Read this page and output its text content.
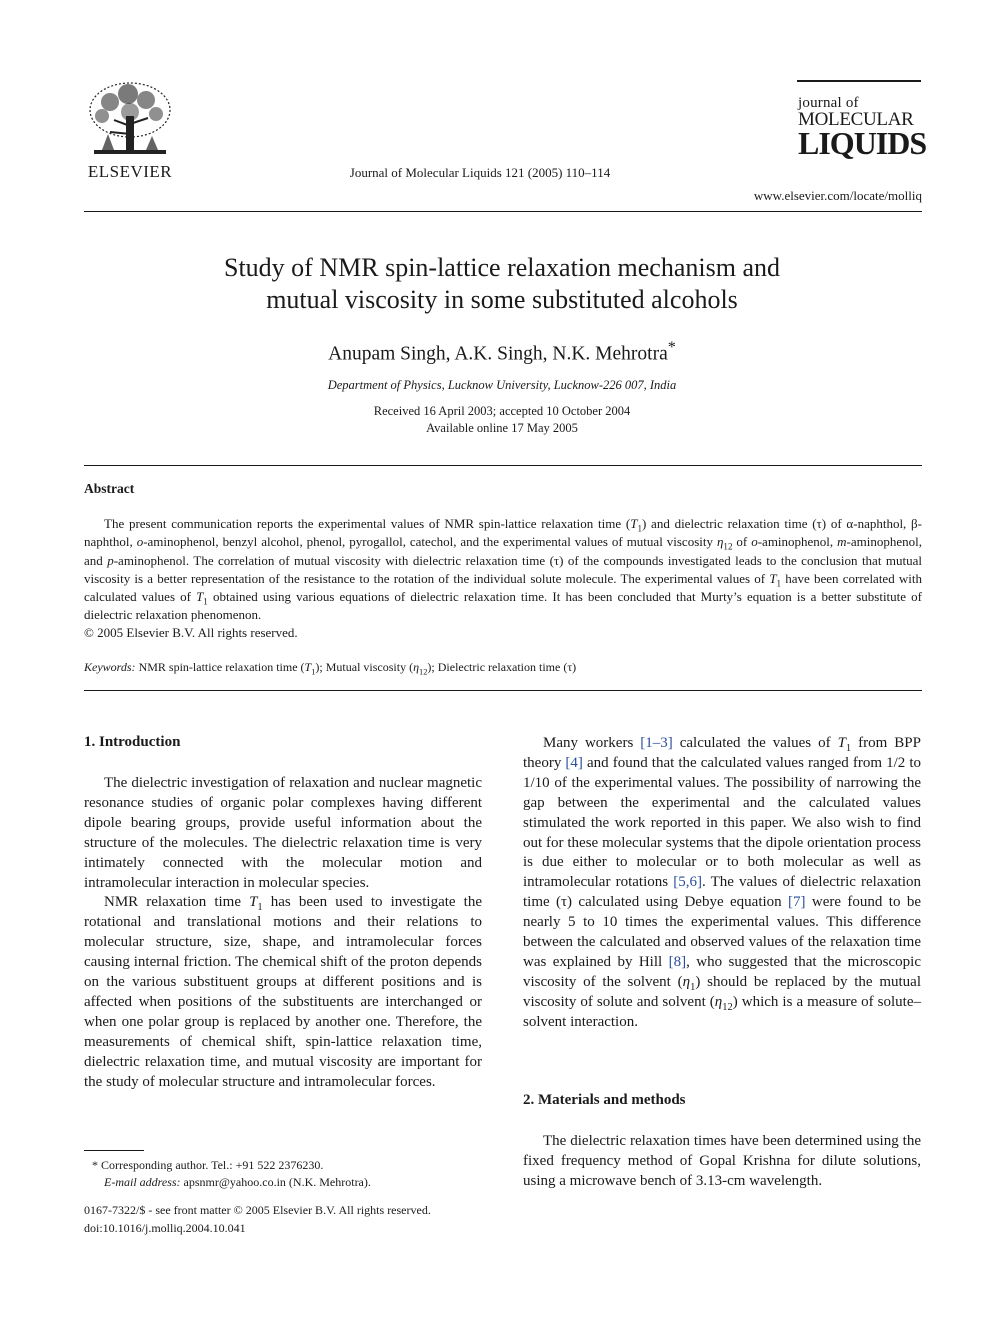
ELSEVIER	Journal of Molecular Liquids 121 (2005) 110–114
journal of
MOLECULAR
LIQUIDS
www.elsevier.com/locate/molliq
Study of NMR spin-lattice relaxation mechanism and
mutual viscosity in some substituted alcohols
Anupam Singh, A.K. Singh, N.K. Mehrotra*
Department of Physics, Lucknow University, Lucknow-226 007, India
Received 16 April 2003; accepted 10 October 2004
Available online 17 May 2005
Abstract

The present communication reports the experimental values of NMR spin-lattice relaxation time $(T_1)$ and dielectric relaxation time (τ) of α-naphthol, β-naphthol, o-aminophenol, benzyl alcohol, phenol, pyrogallol, catechol, and the experimental values of mutual viscosity $\eta_{12}$ of o-aminophenol, m-aminophenol, and p-aminophenol. The correlation of mutual viscosity with dielectric relaxation time (τ) of the compounds investigated leads to the conclusion that mutual viscosity is a better representation of the resistance to the rotation of the individual solute molecule. The experimental values of $T_1$ have been correlated with calculated values of $T_1$ obtained using various equations of dielectric relaxation time. It has been concluded that Murty’s equation is a better substitute of dielectric relaxation phenomenon.

© 2005 Elsevier B.V. All rights reserved.
Keywords: NMR spin-lattice relaxation time $(T_1)$; Mutual viscosity $(\eta_{12})$; Dielectric relaxation time (τ)
1. Introduction

The dielectric investigation of relaxation and nuclear magnetic resonance studies of organic polar complexes having different dipole bearing groups, provide useful information about the structure of the molecules. The dielectric relaxation time is very intimately connected with the molecular motion and intramolecular interaction in molecular species.

NMR relaxation time $T_1$ has been used to investigate the rotational and translational motions and their relations to molecular structure, size, shape, and intramolecular forces causing internal friction. The chemical shift of the proton depends on the various substituent groups at different positions and is affected when positions of the substituents are interchanged or when one polar group is replaced by another one. Therefore, the measurements of chemical shift, spin-lattice relaxation time, dielectric relaxation time, and mutual viscosity are important for the study of molecular structure and intramolecular forces.

Many workers [1–3] calculated the values of $T_1$ from BPP theory [4] and found that the calculated values ranged from 1/2 to 1/10 of the experimental values. The possibility of narrowing the gap between the experimental and the calculated values stimulated the work reported in this paper. We also wish to find out for these molecular systems that the dipole orientation process is due either to molecular or to both molecular as well as intramolecular rotations [5,6]. The values of dielectric relaxation time (τ) calculated using Debye equation [7] were found to be nearly 5 to 10 times the experimental values. This difference between the calculated and observed values of the relaxation time was explained by Hill [8], who suggested that the microscopic viscosity of the solvent $(\eta_1)$ should be replaced by the mutual viscosity of solute and solvent $(\eta_{12})$ which is a measure of solute–solvent interaction.

2. Materials and methods

The dielectric relaxation times have been determined using the fixed frequency method of Gopal Krishna for dilute solutions, using a microwave bench of 3.13-cm wavelength.

* Corresponding author. Tel.: +91 522 2376230.
E-mail address: apsnmr@yahoo.co.in (N.K. Mehrotra).
0167-7322/$ - see front matter © 2005 Elsevier B.V. All rights reserved.
doi:10.1016/j.molliq.2004.10.041
